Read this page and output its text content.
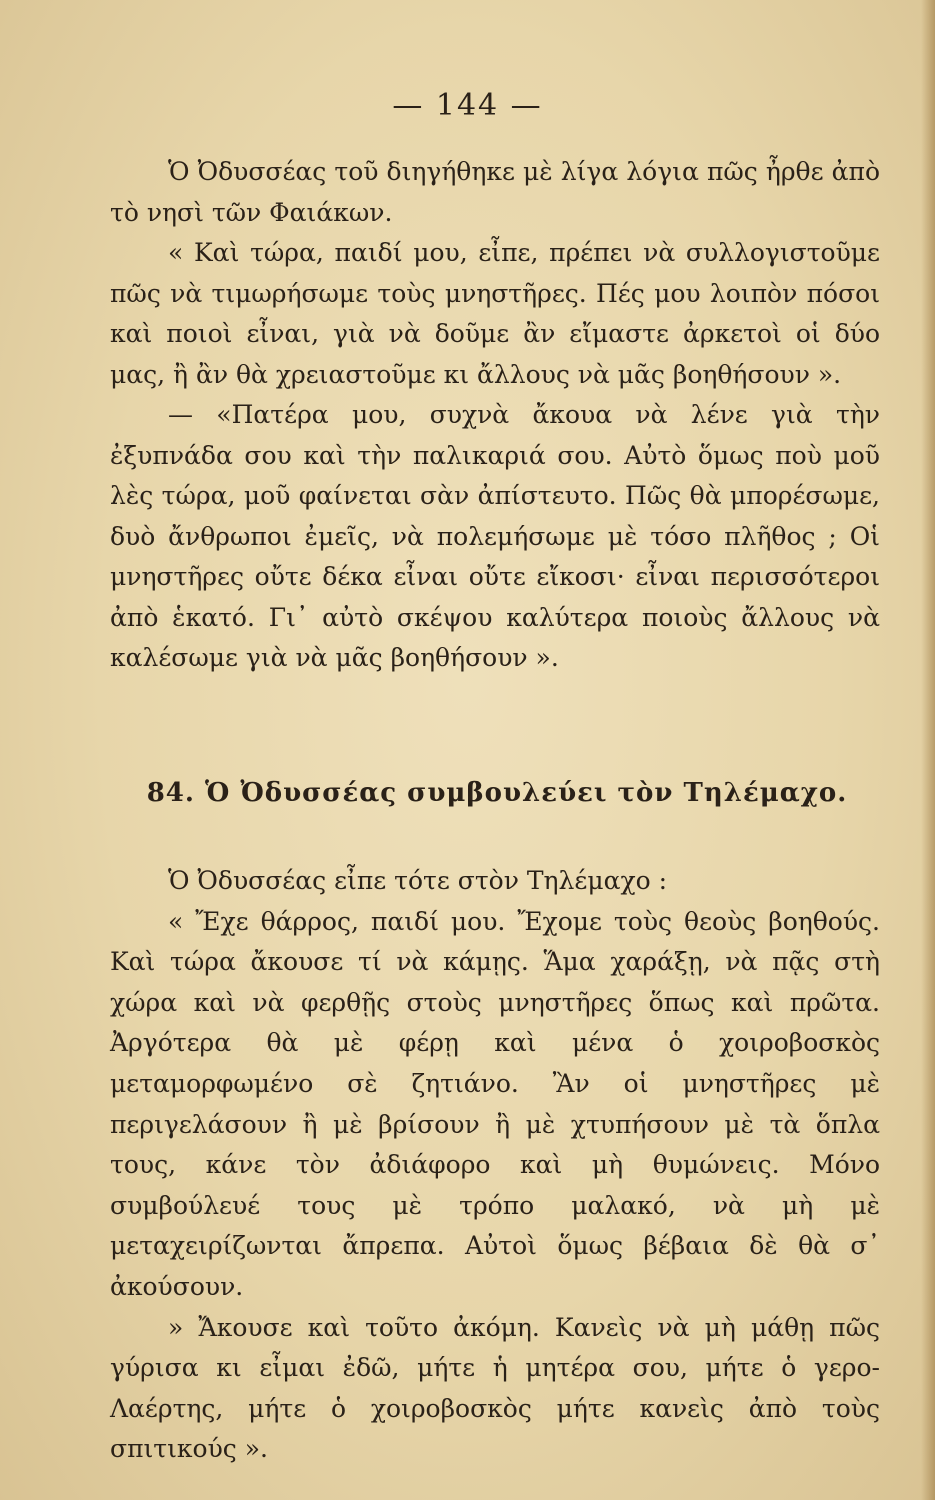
— 144 —

Ὁ Ὀδυσσέας τοῦ διηγήθηκε μὲ λίγα λόγια πῶς ἦρθε ἀπὸ τὸ νησὶ τῶν Φαιάκων.

« Καὶ τώρα, παιδί μου, εἶπε, πρέπει νὰ συλλογιστοῦμε πῶς νὰ τιμωρήσωμε τοὺς μνηστῆρες. Πές μου λοιπὸν πόσοι καὶ ποιοὶ εἶναι, γιὰ νὰ δοῦμε ἂν εἴμαστε ἀρκετοὶ οἱ δύο μας, ἢ ἂν θὰ χρειαστοῦμε κι ἄλλους νὰ μᾶς βοηθήσουν ».

— «Πατέρα μου, συχνὰ ἄκουα νὰ λένε γιὰ τὴν ἐξυπνάδα σου καὶ τὴν παλικαριά σου. Αὐτὸ ὅμως ποὺ μοῦ λὲς τώρα, μοῦ φαίνεται σὰν ἀπίστευτο. Πῶς θὰ μπορέσωμε, δυὸ ἄνθρωποι ἐμεῖς, νὰ πολεμήσωμε μὲ τόσο πλῆθος ; Οἱ μνηστῆρες οὔτε δέκα εἶναι οὔτε εἴκοσι· εἶναι περισσότεροι ἀπὸ ἑκατό. Γι᾽ αὐτὸ σκέψου καλύτερα ποιοὺς ἄλλους νὰ καλέσωμε γιὰ νὰ μᾶς βοηθήσουν ».

84. Ὁ Ὀδυσσέας συμβουλεύει τὸν Τηλέμαχο.

Ὁ Ὀδυσσέας εἶπε τότε στὸν Τηλέμαχο :

« Ἔχε θάρρος, παιδί μου. Ἔχομε τοὺς θεοὺς βοηθούς. Καὶ τώρα ἄκουσε τί νὰ κάμῃς. Ἅμα χαράξῃ, νὰ πᾷς στὴ χώρα καὶ νὰ φερθῇς στοὺς μνηστῆρες ὅπως καὶ πρῶτα. Ἀργότερα θὰ μὲ φέρῃ καὶ μένα ὁ χοιροβοσκὸς μεταμορφωμένο σὲ ζητιάνο. Ἂν οἱ μνηστῆρες μὲ περιγελάσουν ἢ μὲ βρίσουν ἢ μὲ χτυπήσουν μὲ τὰ ὅπλα τους, κάνε τὸν ἀδιάφορο καὶ μὴ θυμώνεις. Μόνο συμβούλευέ τους μὲ τρόπο μαλακό, νὰ μὴ μὲ μεταχειρίζωνται ἄπρεπα. Αὐτοὶ ὅμως βέβαια δὲ θὰ σ᾽ ἀκούσουν.

» Ἄκουσε καὶ τοῦτο ἀκόμη. Κανεὶς νὰ μὴ μάθῃ πῶς γύρισα κι εἶμαι ἐδῶ, μήτε ἡ μητέρα σου, μήτε ὁ γερο-Λαέρτης, μήτε ὁ χοιροβοσκὸς μήτε κανεὶς ἀπὸ τοὺς σπιτικούς ».
